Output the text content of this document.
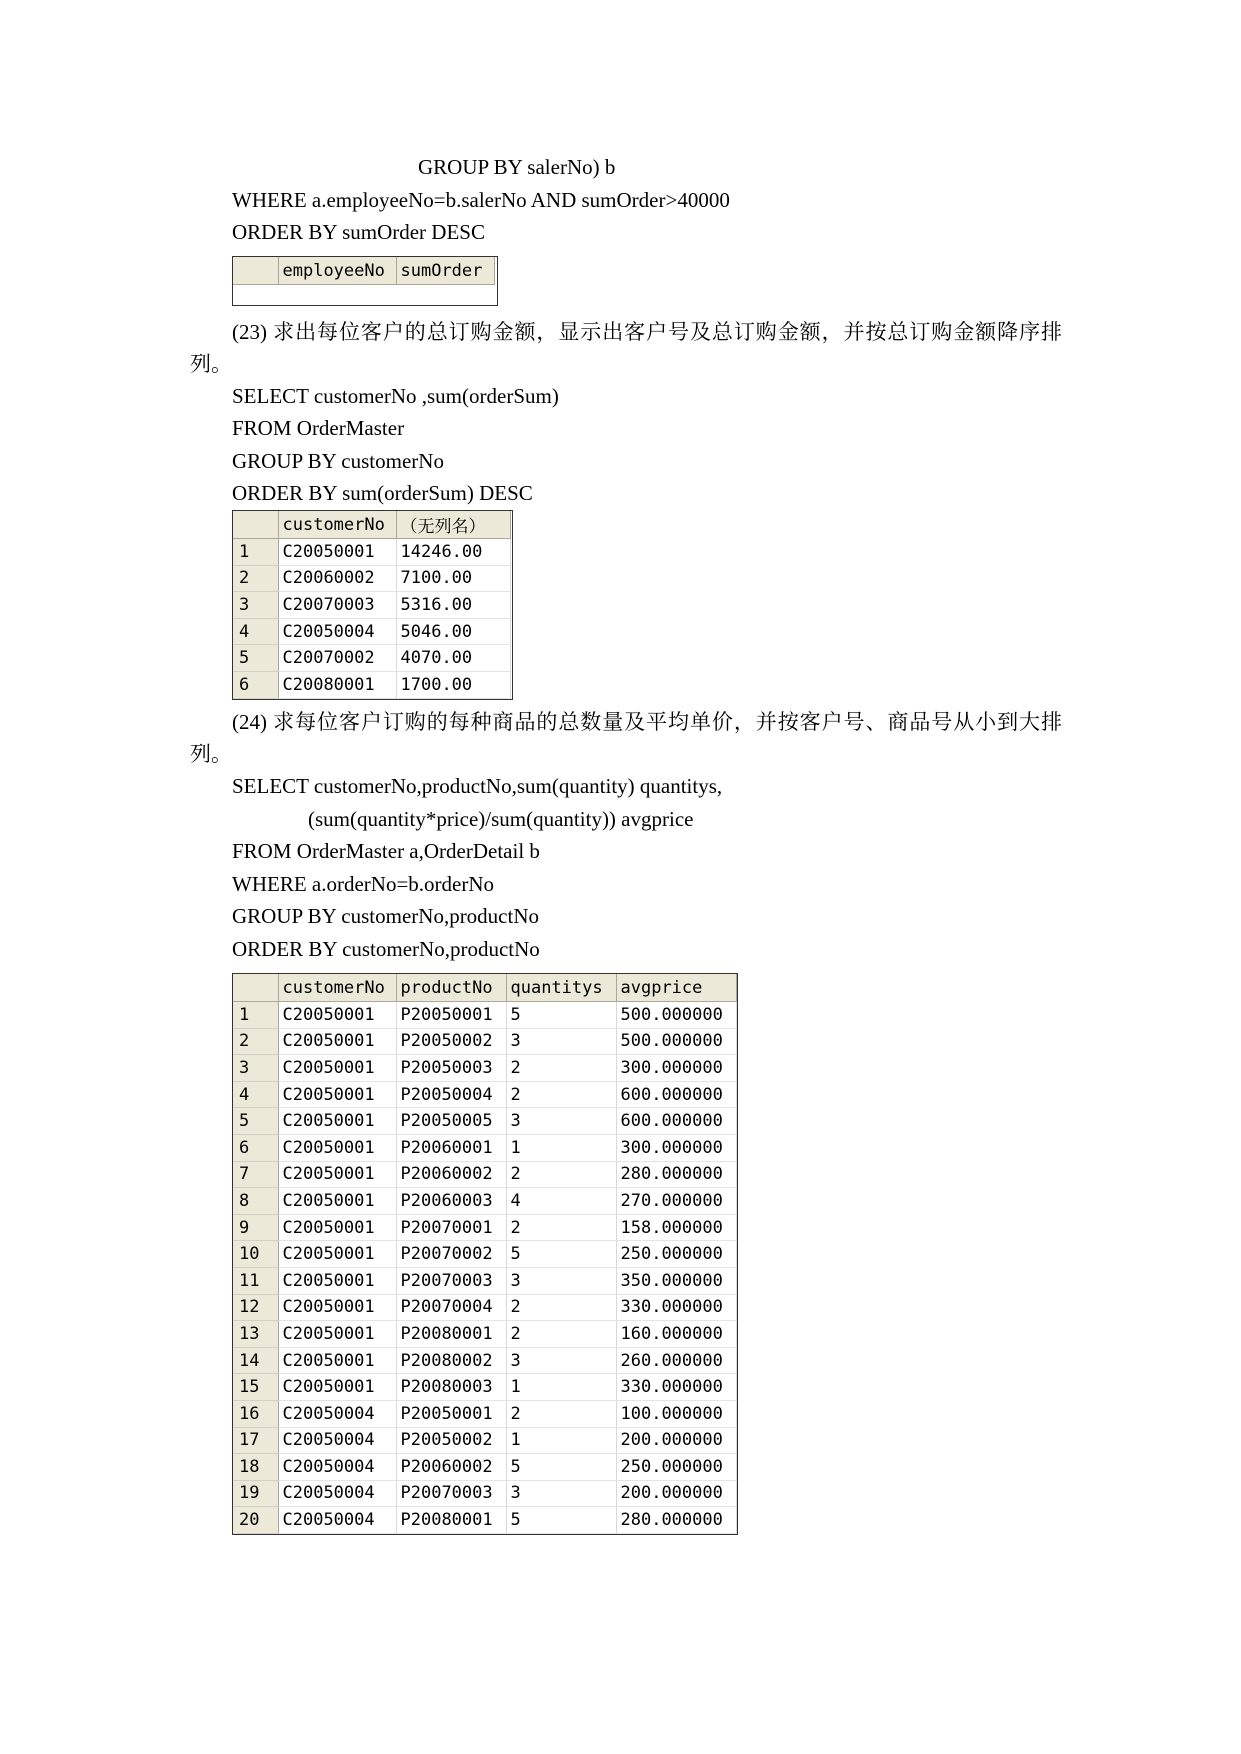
GROUP BY salerNo) b
WHERE a.employeeNo=b.salerNo AND sumOrder>40000
ORDER BY sumOrder DESC
	employeeNo	sumOrder
(23) 求出每位客户的总订购金额，显示出客户号及总订购金额，并按总订购金额降序排列。
SELECT customerNo ,sum(orderSum)
FROM OrderMaster
GROUP BY customerNo
ORDER BY sum(orderSum) DESC
	customerNo	（无列名）
1	C20050001	14246.00
2	C20060002	7100.00
3	C20070003	5316.00
4	C20050004	5046.00
5	C20070002	4070.00
6	C20080001	1700.00
(24) 求每位客户订购的每种商品的总数量及平均单价，并按客户号、商品号从小到大排列。
SELECT customerNo,productNo,sum(quantity) quantitys,
(sum(quantity*price)/sum(quantity)) avgprice
FROM OrderMaster a,OrderDetail b
WHERE a.orderNo=b.orderNo
GROUP BY customerNo,productNo
ORDER BY customerNo,productNo
	customerNo	productNo	quantitys	avgprice
1	C20050001	P20050001	5	500.000000
2	C20050001	P20050002	3	500.000000
3	C20050001	P20050003	2	300.000000
4	C20050001	P20050004	2	600.000000
5	C20050001	P20050005	3	600.000000
6	C20050001	P20060001	1	300.000000
7	C20050001	P20060002	2	280.000000
8	C20050001	P20060003	4	270.000000
9	C20050001	P20070001	2	158.000000
10	C20050001	P20070002	5	250.000000
11	C20050001	P20070003	3	350.000000
12	C20050001	P20070004	2	330.000000
13	C20050001	P20080001	2	160.000000
14	C20050001	P20080002	3	260.000000
15	C20050001	P20080003	1	330.000000
16	C20050004	P20050001	2	100.000000
17	C20050004	P20050002	1	200.000000
18	C20050004	P20060002	5	250.000000
19	C20050004	P20070003	3	200.000000
20	C20050004	P20080001	5	280.000000
